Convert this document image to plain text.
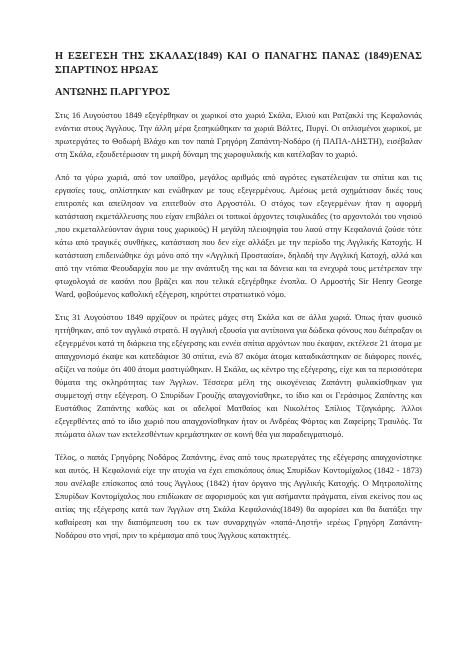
Η ΕΞΕΓΕΣΗ ΤΗΣ ΣΚΑΛΑΣ(1849) ΚΑΙ Ο ΠΑΝΑΓΗΣ ΠΑΝΑΣ (1849)ΕΝΑΣ ΣΠΑΡΤΙΝΟΣ ΗΡΩΑΣ
ΑΝΤΩΝΗΣ Π.ΑΡΓΥΡΟΣ

Στις 16 Αυγούστου 1849 εξεγέρθηκαν οι χωρικοί στο χωριό Σκάλα, Ελιού και Ρατζακλί της Κεφαλονιάς ενάντια στους Άγγλους. Την άλλη μέρα ξεσηκώθηκαν τα χωριά Βάλτες, Πυργί. Οι οπλισμένοι χωρικοί, με πρωτεργάτες το Θοδωρή Βλάχο και τον παπά Γρηγόρη Ζαπάντη-Νοδάρο (ή ΠΑΠΑ-ΛΗΣΤΗ), εισέβαλαν στη Σκάλα, εξουδετέρωσαν τη μικρή δύναμη της χωροφυλακής και κατέλαβαν το χωριό.

Από τα γύρω χωριά, από τον υπαίθρο, μεγάλος αριθμός από αγρότες εγκατέλειψαν τα σπίτια και τις εργασίες τους, οπλίστηκαν και ενώθηκαν με τους εξεγερμένους. Αμέσως μετά σχημάτισαν δικές τους επιτροπές και απείλησαν να επιτεθούν στο Αργοστόλι. Ο στόχος των εξεγερμένων ήταν η αφορμή κατάσταση εκμετάλλευσης που είχαν επιβάλει οι τοπικοί άρχοντες τσιφλικάδες (το αρχοντολόι του νησιού ,που εκμεταλλεύονταν άγρια τους χωρικούς) Η μεγάλη πλειοψηφία του λαού στην Κεφαλονιά ζούσε τότε κάτω από τραγικές συνθήκες, κατάσταση που δεν είχε αλλάξει με την περίοδο της Αγγλικής Κατοχής. Η κατάσταση επιδεινώθηκε όχι μόνο από την «Αγγλική Προστασία», δηλαδή την Αγγλική Κατοχή, αλλά και από την ντόπια Φεουδαρχία που με την ανάπτυξη της και τα δάνεια και τα ενεχυρά τους μετέτρεπαν την φτωχολογιά σε κασάνι που βράζει και που τελικά εξεγέρθηκε ένοπλα. Ο Αρμοστής Sir Henry George Ward, φοβούμενος καθολική εξέγερση, κηρύττει στρατιωτικό νόμο.

Στις 31 Αυγούστου 1849 αρχίζουν οι πρώτες μάχες στη Σκάλα και σε άλλα χωριά. Όπως ήταν φυσικό ηττήθηκαν, από τον αγγλικό στρατό. Η αγγλική εξουσία για αντίποινα για δώδεκα φόνους που διέπραξαν οι εξεγερμένοι κατά τη διάρκεια της εξέγερσης και εννέα σπίτια αρχόντων που έκαψαν, εκτέλεσε 21 άτομα με απαγχονισμό έκαψε και κατεδάφισε 30 σπίτια, ενώ 87 ακόμα άτομα καταδικάστηκαν σε διάφορες ποινές, αξίζει να πούμε ότι 400 άτομα μαστιγώθηκαν. Η Σκάλα, ως κέντρο της εξέγερσης, είχε και τα περισσότερα θύματα της σκληρότητας των Άγγλων. Τέσσερα μέλη της οικογένειας Ζαπάντη φυλακίσθηκαν για συμμετοχή στην εξέγερση. Ο Σπυρίδων Γρουζής απαγχονίσθηκε, το ίδιο και οι Γεράσιμος Ζαπάντης και Ευστάθιος Ζαπάντης καθώς και οι αδελφοί Ματθαίος και Νικολέτος Σπίλιος Τζαγκάρης. Άλλοι εξεγερθέντες από το ίδιο χωριό που απαγχονίσθηκαν ήταν οι Ανδρέας Φόρτος και Ζαφείρης Τραυλός. Τα πτώματα όλων των εκτελεσθέντων κρεμάστηκαν σε κοινή θέα για παραδειγματισμό.

Τέλος, ο παπάς Γρηγόρης Νοδάρος Ζαπάντης, ένας από τους πρωτεργάτες της εξέγερσης απαγχονίστηκε και αυτός. Η Κεφαλονιά είχε την ατυχία να έχει επισκόπους όπως Σπυρίδων Κοντομίχαλος (1842 - 1873) που ανέλαβε επίσκοπος από τους Άγγλους (1842) ήταν όργανο της Αγγλικής Κατοχής. Ο Μητροπολίτης Σπυρίδων Κοντομίχαλος που επιδίωκαν σε αφορισμούς και για ασήμαντα πράγματα, είναι εκείνος που ως αιτίας της εξέγερσης κατά των Άγγλων στη Σκάλα Κεφαλονιάς(1849) θα αφορίσει και θα διατάξει την καθαίρεση και την διαπόμπευση του εκ των συναρχηγών «παπά-Ληστή» ιερέως Γρηγόρη Ζαπάντη-Νοδάρου στο νησί, πριν το κρέμασμα από τους Άγγλους κατακτητές.
